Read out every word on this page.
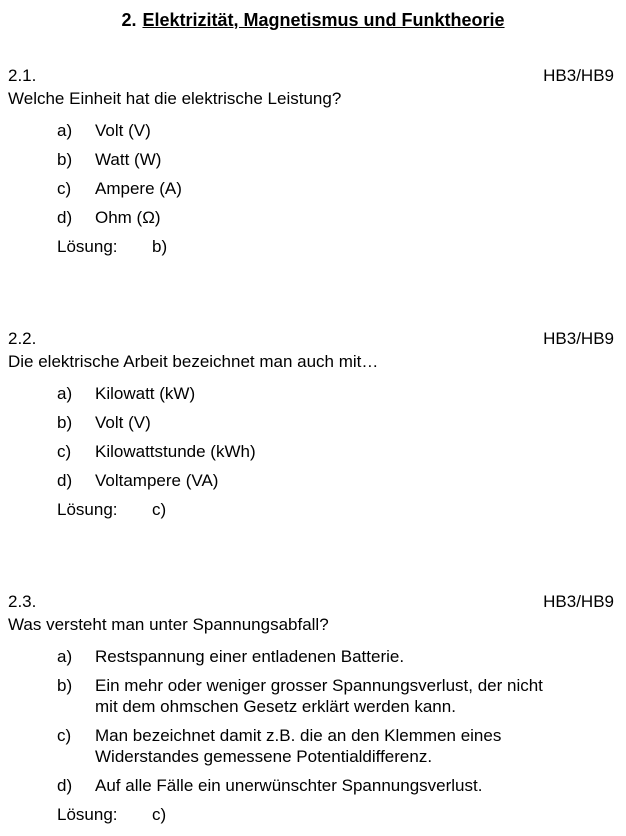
2. Elektrizität, Magnetismus und Funktheorie
2.1.	HB3/HB9
Welche Einheit hat die elektrische Leistung?
a)	Volt (V)
b)	Watt (W)
c)	Ampere (A)
d)	Ohm (Ω)
Lösung:	b)
2.2.	HB3/HB9
Die elektrische Arbeit bezeichnet man auch mit…
a)	Kilowatt (kW)
b)	Volt (V)
c)	Kilowattstunde (kWh)
d)	Voltampere (VA)
Lösung:	c)
2.3.	HB3/HB9
Was versteht man unter Spannungsabfall?
a)	Restspannung einer entladenen Batterie.
b)	Ein mehr oder weniger grosser Spannungsverlust, der nicht
mit dem ohmschen Gesetz erklärt werden kann.
c)	Man bezeichnet damit z.B. die an den Klemmen eines
Widerstandes gemessene Potentialdifferenz.
d)	Auf alle Fälle ein unerwünschter Spannungsverlust.
Lösung:	c)
